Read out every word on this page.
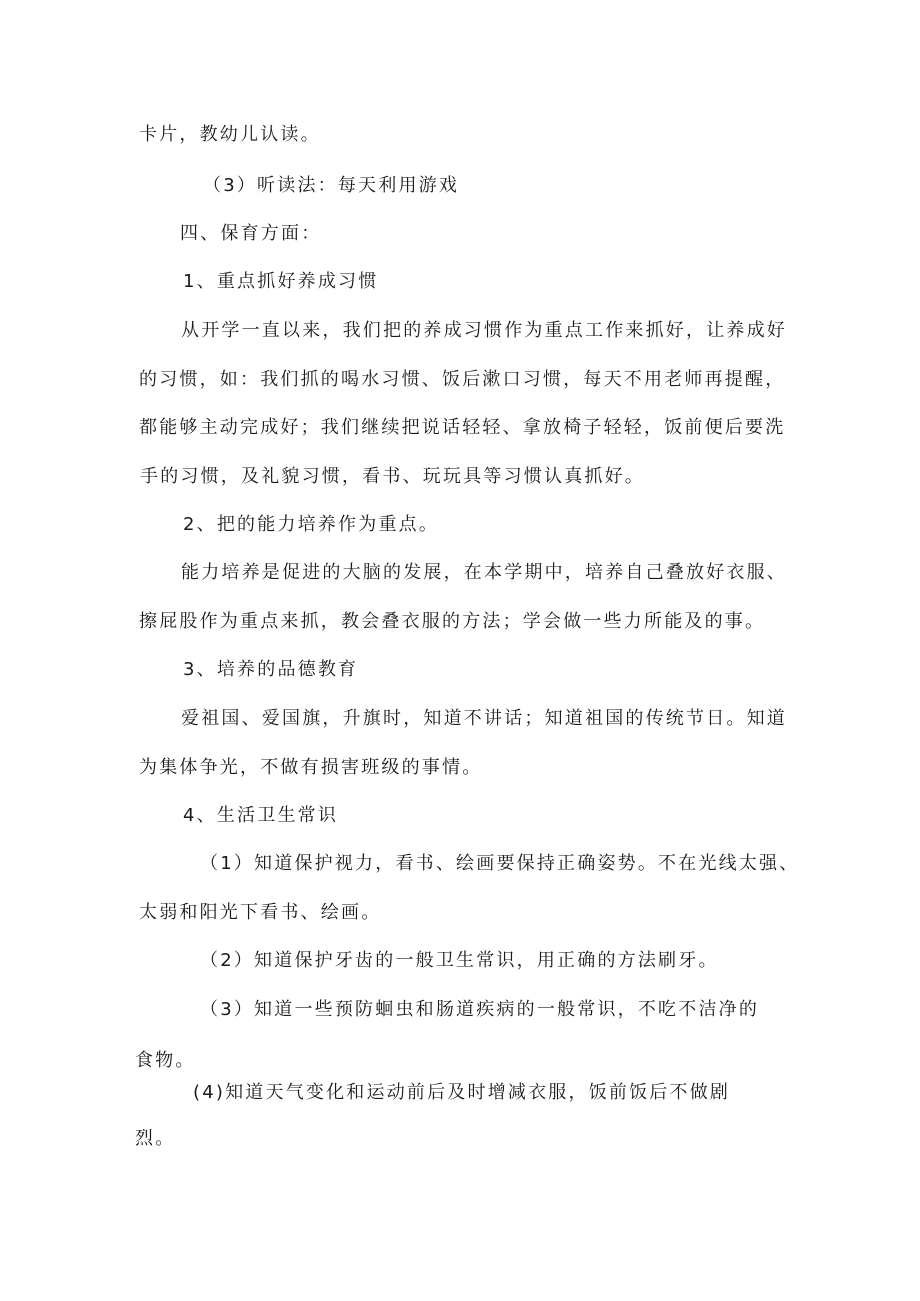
卡片，教幼儿认读。
（3）听读法：每天利用游戏
四、保育方面：
1、重点抓好养成习惯
从开学一直以来，我们把的养成习惯作为重点工作来抓好，让养成好
的习惯，如：我们抓的喝水习惯、饭后漱口习惯，每天不用老师再提醒，
都能够主动完成好；我们继续把说话轻轻、拿放椅子轻轻，饭前便后要洗
手的习惯，及礼貌习惯，看书、玩玩具等习惯认真抓好。
2、把的能力培养作为重点。
能力培养是促进的大脑的发展，在本学期中，培养自己叠放好衣服、
擦屁股作为重点来抓，教会叠衣服的方法；学会做一些力所能及的事。
3、培养的品德教育
爱祖国、爱国旗，升旗时，知道不讲话；知道祖国的传统节日。知道
为集体争光，不做有损害班级的事情。
4、生活卫生常识
（1）知道保护视力，看书、绘画要保持正确姿势。不在光线太强、
太弱和阳光下看书、绘画。
（2）知道保护牙齿的一般卫生常识，用正确的方法刷牙。
（3）知道一些预防蛔虫和肠道疾病的一般常识，不吃不洁净的
食物。
(4)知道天气变化和运动前后及时增减衣服，饭前饭后不做剧
烈。
